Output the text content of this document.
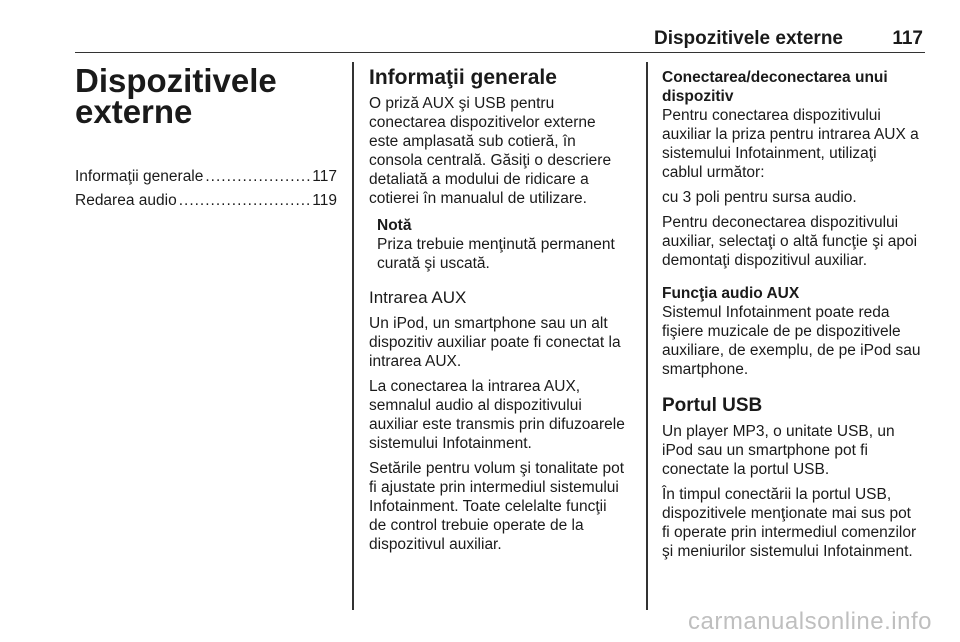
Dispozitivele externe	117
Dispozitivele
externe
Informaţii generale .....	117
Redarea audio .....	119
Informaţii generale

O priză AUX şi USB pentru
conectarea dispozitivelor externe
este amplasată sub cotieră, în
consola centrală. Găsiţi o descriere
detaliată a modului de ridicare a
cotierei în manualul de utilizare.

Notă

Priza trebuie menţinută permanent
curată şi uscată.

Intrarea AUX

Un iPod, un smartphone sau un alt
dispozitiv auxiliar poate fi conectat la
intrarea AUX.

La conectarea la intrarea AUX,
semnalul audio al dispozitivului
auxiliar este transmis prin difuzoarele
sistemului Infotainment.

Setările pentru volum şi tonalitate pot
fi ajustate prin intermediul sistemului
Infotainment. Toate celelalte funcţii
de control trebuie operate de la
dispozitivul auxiliar.

Conectarea/deconectarea unui
dispozitiv

Pentru conectarea dispozitivului
auxiliar la priza pentru intrarea AUX a
sistemului Infotainment, utilizaţi
cablul următor:

cu 3 poli pentru sursa audio.

Pentru deconectarea dispozitivului
auxiliar, selectaţi o altă funcţie şi apoi
demontaţi dispozitivul auxiliar.

Funcţia audio AUX

Sistemul Infotainment poate reda
fişiere muzicale de pe dispozitivele
auxiliare, de exemplu, de pe iPod sau
smartphone.

Portul USB

Un player MP3, o unitate USB, un
iPod sau un smartphone pot fi
conectate la portul USB.

În timpul conectării la portul USB,
dispozitivele menţionate mai sus pot
fi operate prin intermediul comenzilor
şi meniurilor sistemului Infotainment.

carmanualsonline.info
